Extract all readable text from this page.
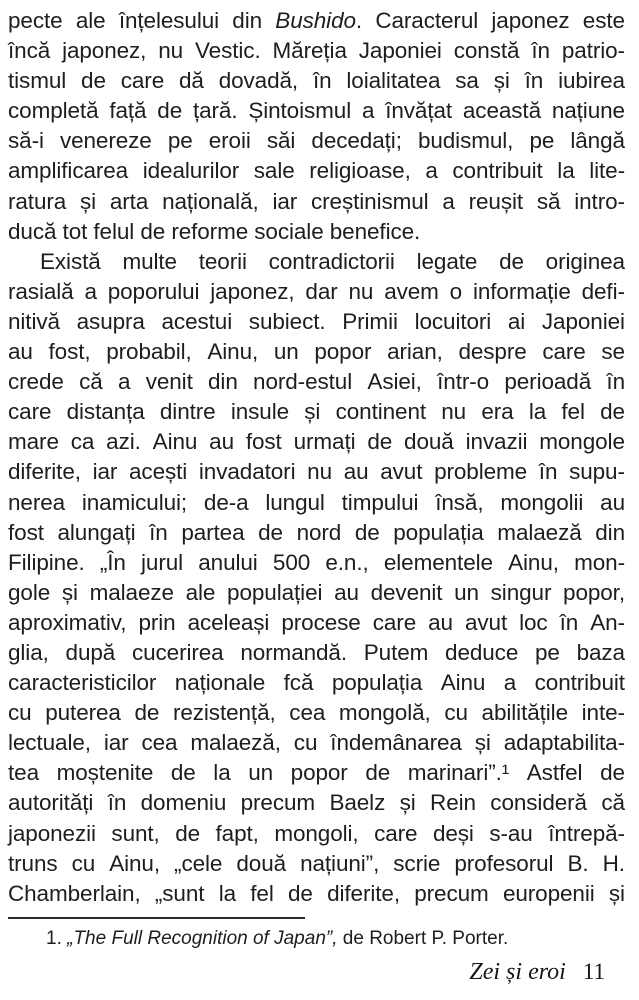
pecte ale înțelesului din Bushido. Caracterul japonez este
încă japonez, nu Vestic. Măreția Japoniei constă în patrio-
tismul de care dă dovadă, în loialitatea sa și în iubirea
completă față de țară. Șintoismul a învățat această națiune
să-i venereze pe eroii săi decedați; budismul, pe lângă
amplificarea idealurilor sale religioase, a contribuit la lite-
ratura și arta națională, iar creștinismul a reușit să intro-
ducă tot felul de reforme sociale benefice.
Există multe teorii contradictorii legate de originea
rasială a poporului japonez, dar nu avem o informație defi-
nitivă asupra acestui subiect. Primii locuitori ai Japoniei
au fost, probabil, Ainu, un popor arian, despre care se
crede că a venit din nord-estul Asiei, într-o perioadă în
care distanța dintre insule și continent nu era la fel de
mare ca azi. Ainu au fost urmați de două invazii mongole
diferite, iar acești invadatori nu au avut probleme în supu-
nerea inamicului; de-a lungul timpului însă, mongolii au
fost alungați în partea de nord de populația malaeză din
Filipine. „În jurul anului 500 e.n., elementele Ainu, mon-
gole și malaeze ale populației au devenit un singur popor,
aproximativ, prin aceleași procese care au avut loc în An-
glia, după cucerirea normandă. Putem deduce pe baza
caracteristicilor naționale fcă populația Ainu a contribuit
cu puterea de rezistență, cea mongolă, cu abilitățile inte-
lectuale, iar cea malaeză, cu îndemânarea și adaptabilita-
tea moștenite de la un popor de marinari”.¹ Astfel de
autorități în domeniu precum Baelz și Rein consideră că
japonezii sunt, de fapt, mongoli, care deși s-au întrepă-
truns cu Ainu, „cele două națiuni”, scrie profesorul B. H.
Chamberlain, „sunt la fel de diferite, precum europenii și
1. „The Full Recognition of Japan”, de Robert P. Porter.
Zei și eroi 11
